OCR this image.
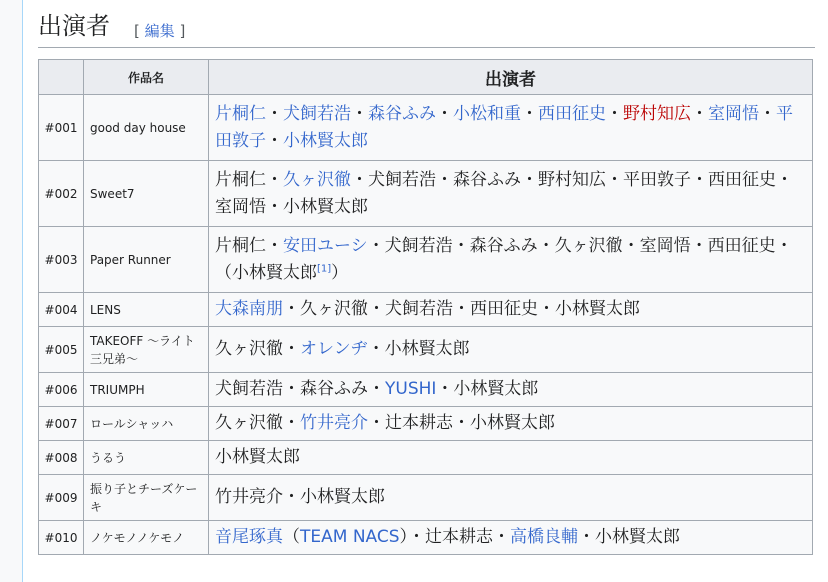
出演者 [ 編集 ]
	作品名	出演者
#001	good day house	片桐仁・犬飼若浩・森谷ふみ・小松和重・西田征史・野村知広・室岡悟・平田敦子・小林賢太郎
#002	Sweet7	片桐仁・久ヶ沢徹・犬飼若浩・森谷ふみ・野村知広・平田敦子・西田征史・室岡悟・小林賢太郎
#003	Paper Runner	片桐仁・安田ユーシ・犬飼若浩・森谷ふみ・久ヶ沢徹・室岡悟・西田征史・（小林賢太郎[1]）
#004	LENS	大森南朋・久ヶ沢徹・犬飼若浩・西田征史・小林賢太郎
#005	TAKEOFF ～ライト三兄弟～	久ヶ沢徹・オレンヂ・小林賢太郎
#006	TRIUMPH	犬飼若浩・森谷ふみ・YUSHI・小林賢太郎
#007	ロールシャッハ	久ヶ沢徹・竹井亮介・辻本耕志・小林賢太郎
#008	うるう	小林賢太郎
#009	振り子とチーズケーキ	竹井亮介・小林賢太郎
#010	ノケモノノケモノ	音尾琢真（TEAM NACS）・辻本耕志・高橋良輔・小林賢太郎
